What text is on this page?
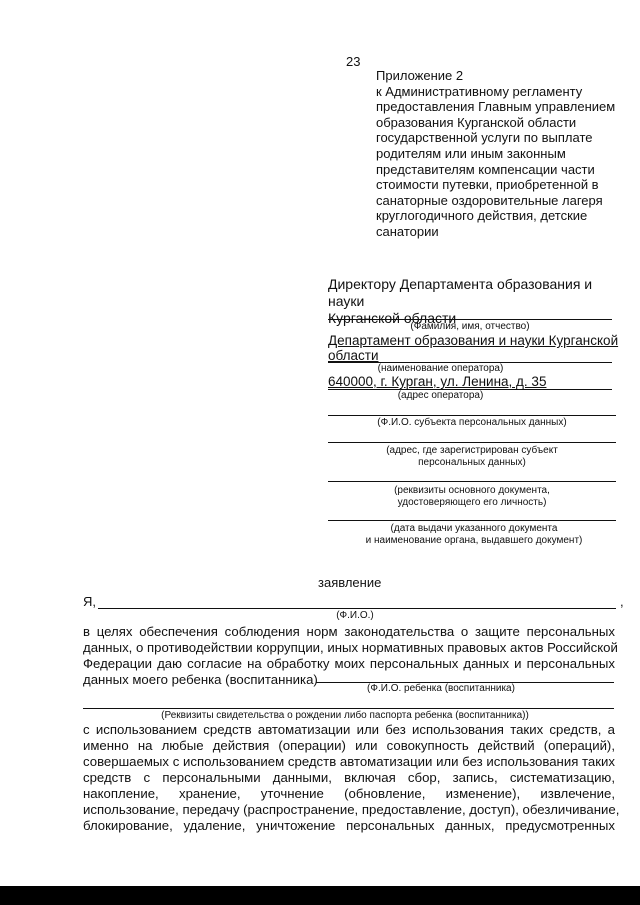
23
Приложение 2
к Административному регламенту
предоставления Главным управлением
образования Курганской области
государственной услуги по выплате
родителям или иным законным
представителям компенсации части
стоимости путевки, приобретенной в
санаторные оздоровительные лагеря
круглогодичного действия, детские
санатории
Директору Департамента образования и науки
Курганской области
(Фамилия, имя, отчество)
Департамент образования и науки Курганской
области
(наименование оператора)
640000, г. Курган, ул. Ленина, д. 35
(адрес оператора)
(Ф.И.О. субъекта персональных данных)
(адрес, где зарегистрирован субъект
персональных данных)
(реквизиты основного документа,
удостоверяющего его личность)
(дата выдачи указанного документа
и наименование органа, выдавшего документ)
заявление
Я,	,
(Ф.И.О.)
в целях обеспечения соблюдения норм законодательства о защите персональных
данных, о противодействии коррупции, иных нормативных правовых актов Российской
Федерации даю согласие на обработку моих персональных данных и персональных
данных моего ребенка (воспитанника)
(Ф.И.О. ребенка (воспитанника)
(Реквизиты свидетельства о рождении либо паспорта ребенка (воспитанника))
с использованием средств автоматизации или без использования таких средств, а
именно на любые действия (операции) или совокупность действий (операций),
совершаемых с использованием средств автоматизации или без использования таких
средств с персональными данными, включая сбор, запись, систематизацию,
накопление, хранение, уточнение (обновление, изменение), извлечение,
использование, передачу (распространение, предоставление, доступ), обезличивание,
блокирование, удаление, уничтожение персональных данных, предусмотренных
